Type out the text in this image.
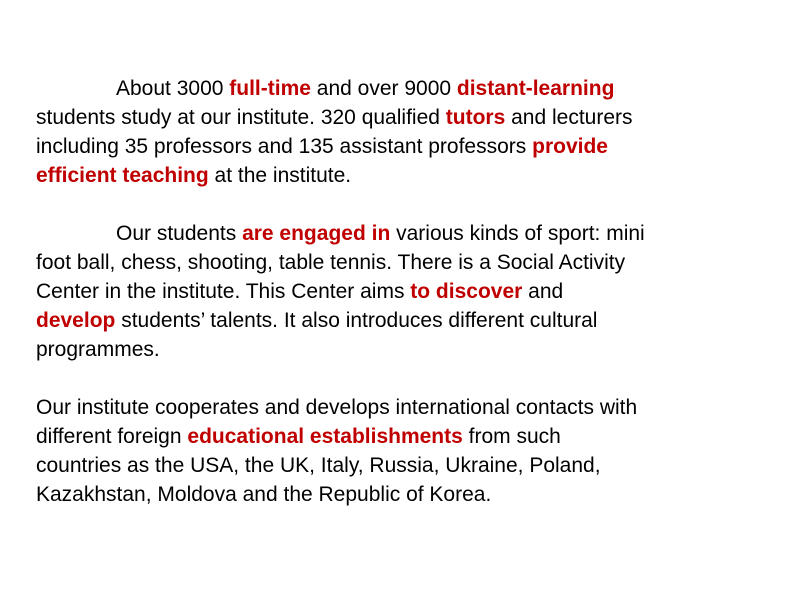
About 3000 full-time and over 9000 distant-learning
students study at our institute. 320 qualified tutors and lecturers
including 35 professors and 135 assistant professors provide
efficient teaching at the institute.
Our students are engaged in various kinds of sport: mini
foot ball, chess, shooting, table tennis. There is a Social Activity
Center in the institute. This Center aims to discover and
develop students’ talents. It also introduces different cultural
programmes.
Our institute cooperates and develops international contacts with
different foreign educational establishments from such
countries as the USA, the UK, Italy, Russia, Ukraine, Poland,
Kazakhstan, Moldova and the Republic of Korea.
